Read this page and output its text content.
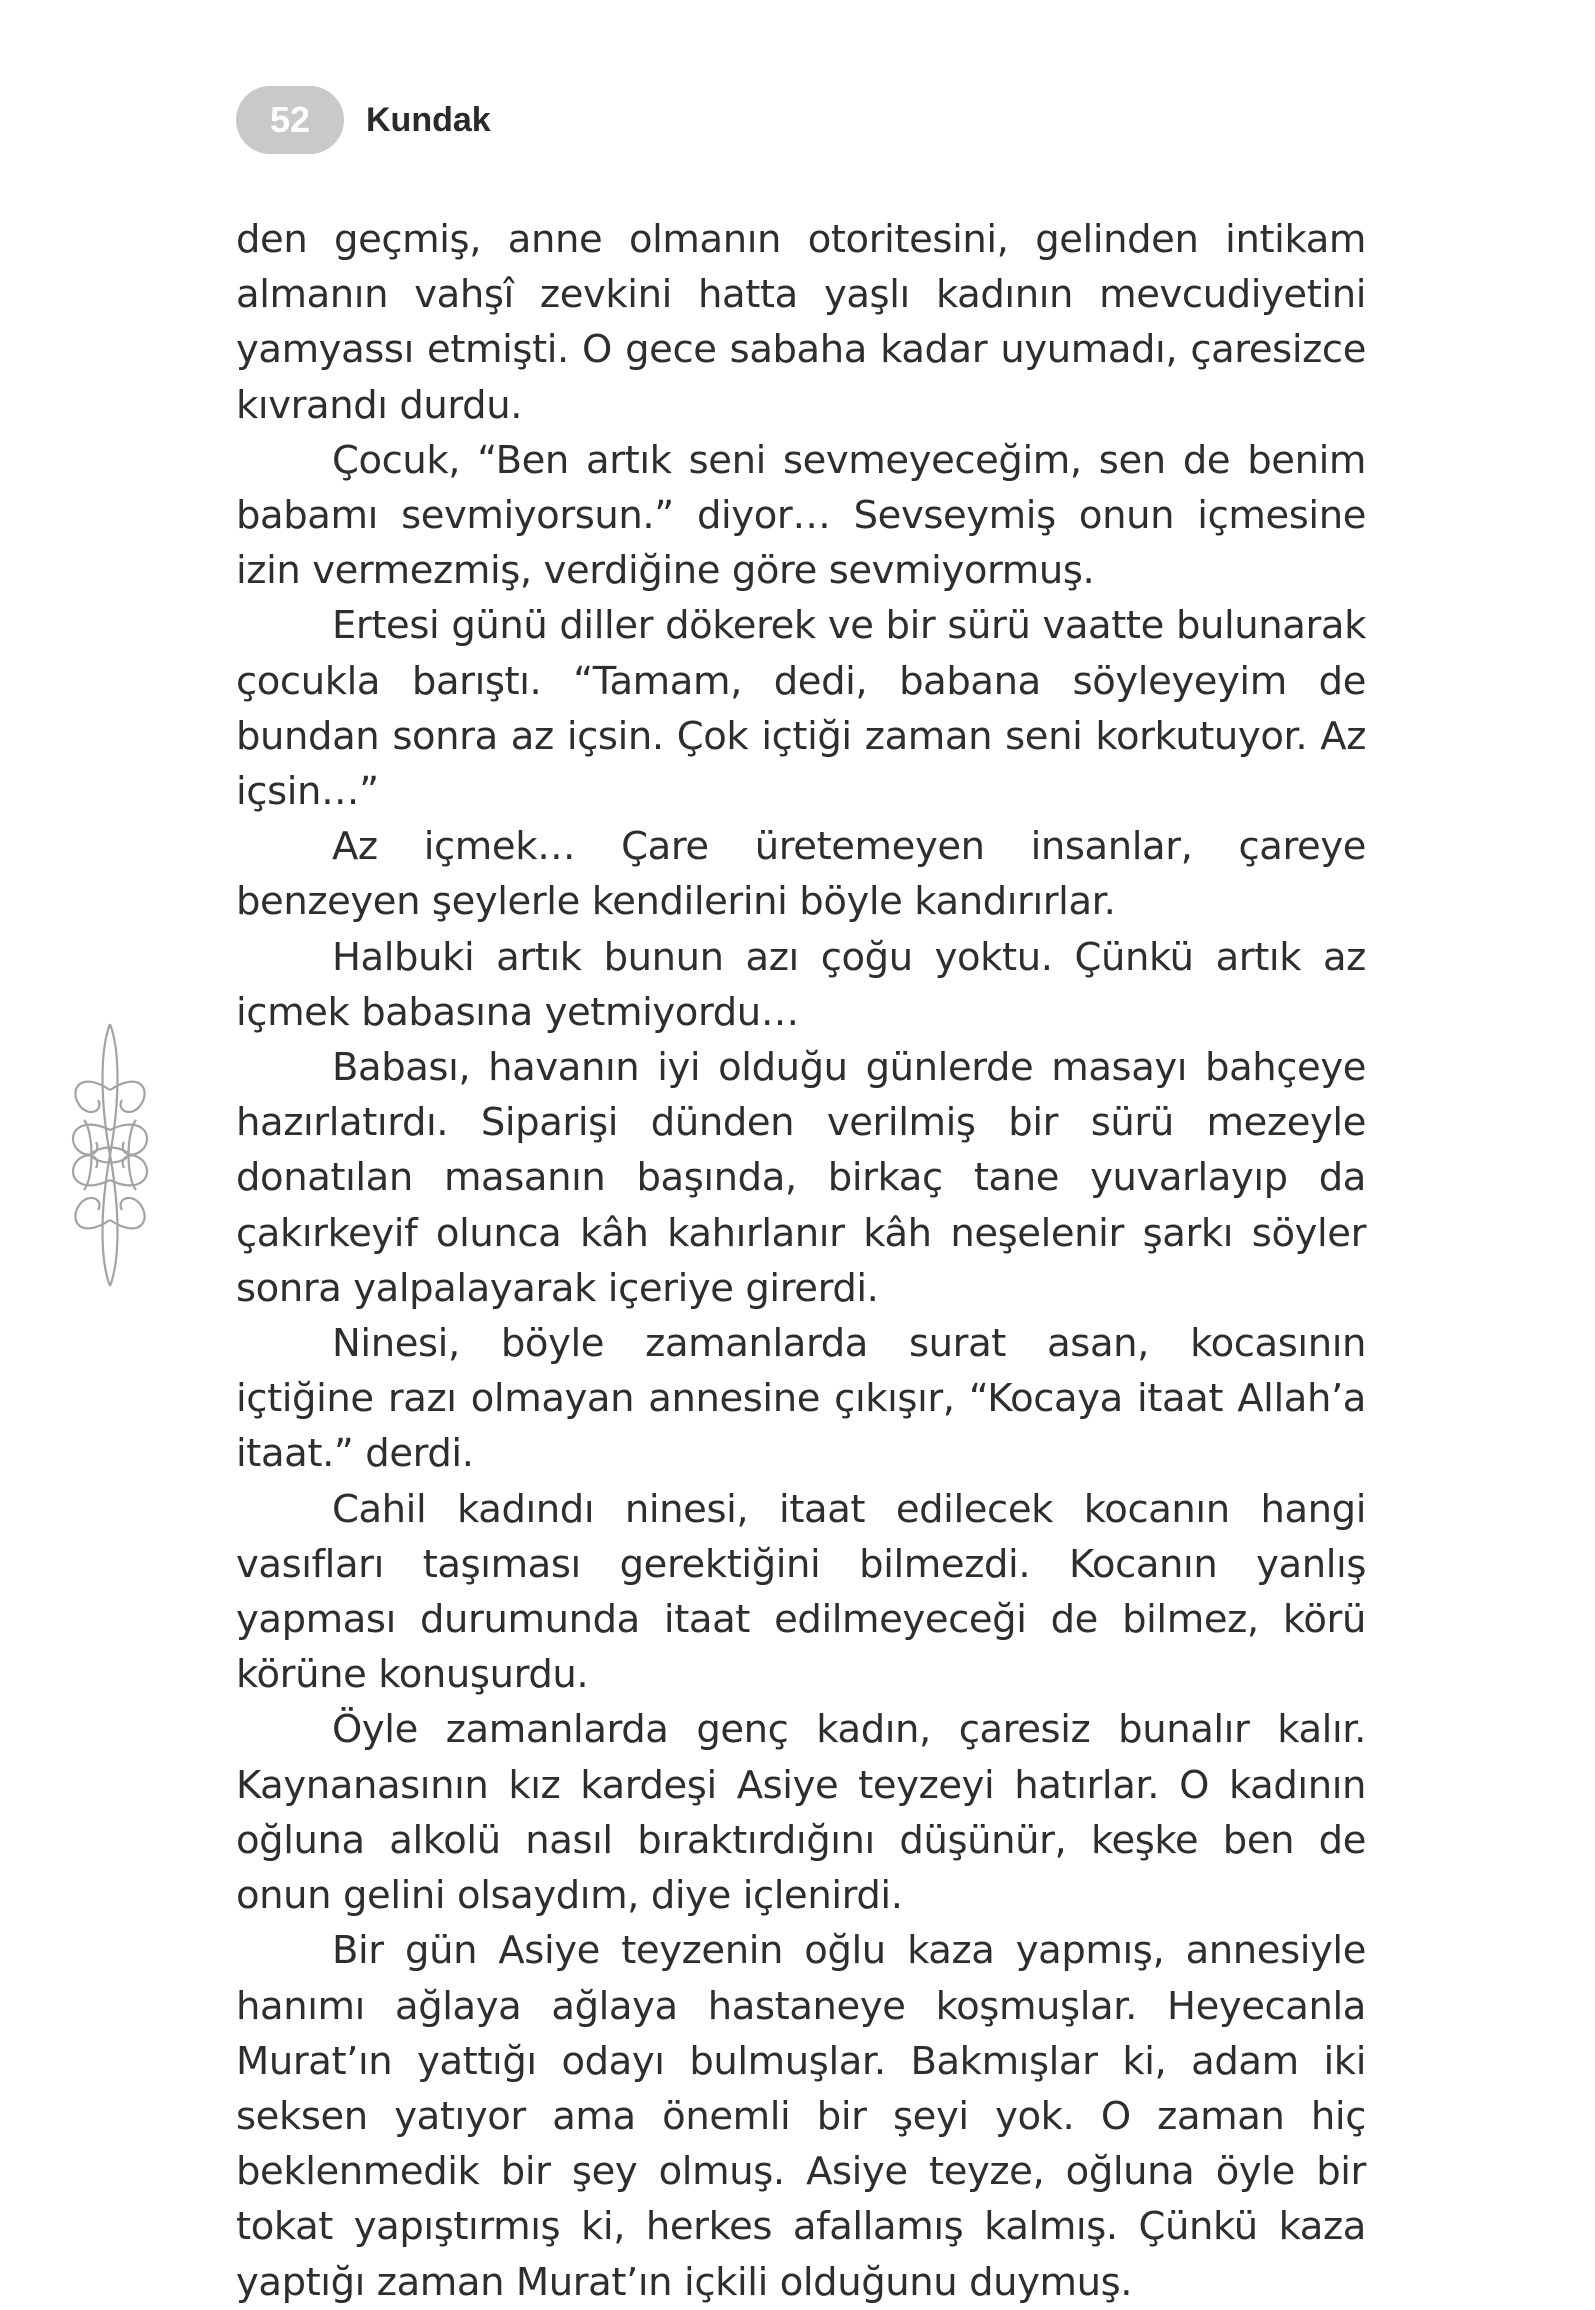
52	Kundak

den geçmiş, anne olmanın otoritesini, gelinden intikam almanın vahşî zevkini hatta yaşlı kadının mevcudiyetini yamyassı etmişti. O gece sabaha kadar uyumadı, çaresizce kıvrandı durdu.

Çocuk, “Ben artık seni sevmeyeceğim, sen de benim babamı sevmiyorsun.” diyor… Sevseymiş onun içmesine izin vermezmiş, verdiğine göre sevmiyormuş.

Ertesi günü diller dökerek ve bir sürü vaatte bulunarak çocukla barıştı. “Tamam, dedi, babana söyleyeyim de bundan sonra az içsin. Çok içtiği zaman seni korkutuyor. Az içsin…”

Az içmek… Çare üretemeyen insanlar, çareye benzeyen şeylerle kendilerini böyle kandırırlar.

Halbuki artık bunun azı çoğu yoktu. Çünkü artık az içmek babasına yetmiyordu…

Babası, havanın iyi olduğu günlerde masayı bahçeye hazırlatırdı. Siparişi dünden verilmiş bir sürü mezeyle donatılan masanın başında, birkaç tane yuvarlayıp da çakırkeyif olunca kâh kahırlanır kâh neşelenir şarkı söyler sonra yalpalayarak içeriye girerdi.

Ninesi, böyle zamanlarda surat asan, kocasının içtiğine razı olmayan annesine çıkışır, “Kocaya itaat Allah’a itaat.” derdi.

Cahil kadındı ninesi, itaat edilecek kocanın hangi vasıfları taşıması gerektiğini bilmezdi. Kocanın yanlış yapması durumunda itaat edilmeyeceği de bilmez, körü körüne konuşurdu.

Öyle zamanlarda genç kadın, çaresiz bunalır kalır. Kaynanasının kız kardeşi Asiye teyzeyi hatırlar. O kadının oğluna alkolü nasıl bıraktırdığını düşünür, keşke ben de onun gelini olsaydım, diye içlenirdi.

Bir gün Asiye teyzenin oğlu kaza yapmış, annesiyle hanımı ağlaya ağlaya hastaneye koşmuşlar. Heyecanla Murat’ın yattığı odayı bulmuşlar. Bakmışlar ki, adam iki seksen yatıyor ama önemli bir şeyi yok. O zaman hiç beklenmedik bir şey olmuş. Asiye teyze, oğluna öyle bir tokat yapıştırmış ki, herkes afallamış kalmış. Çünkü kaza yaptığı zaman Murat’ın içkili olduğunu duymuş.
